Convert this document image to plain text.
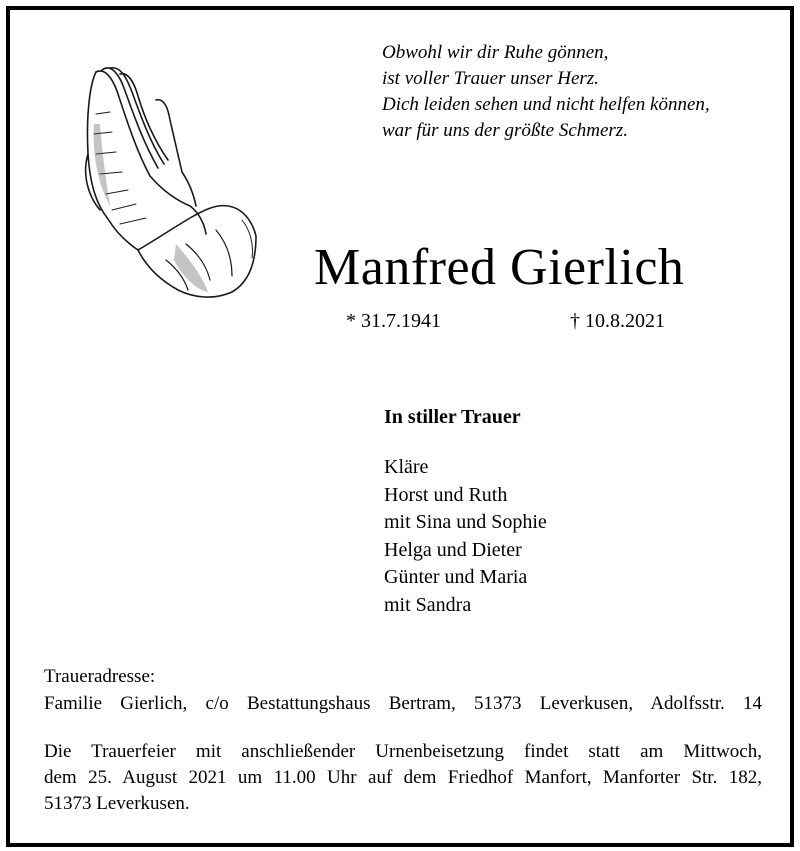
Obwohl wir dir Ruhe gönnen,
ist voller Trauer unser Herz.
Dich leiden sehen und nicht helfen können,
war für uns der größte Schmerz.
Manfred Gierlich
* 31.7.1941	† 10.8.2021
In stiller Trauer
Kläre
Horst und Ruth
mit Sina und Sophie
Helga und Dieter
Günter und Maria
mit Sandra
Traueradresse:
Familie Gierlich, c/o Bestattungshaus Bertram, 51373 Leverkusen, Adolfsstr. 14
Die Trauerfeier mit anschließender Urnenbeisetzung findet statt am Mittwoch,
dem 25. August 2021 um 11.00 Uhr auf dem Friedhof Manfort, Manforter Str. 182,
51373 Leverkusen.
